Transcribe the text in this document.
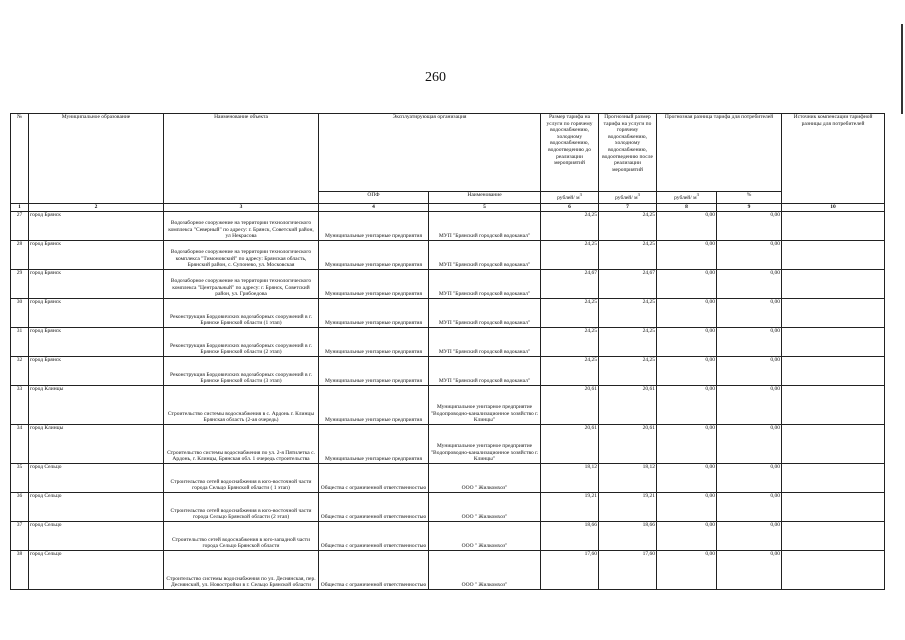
260
№	Муниципальное образование	Наименование объекта	Эксплуатирующая организация		Размер тарифа на услуги по горячему водоснабжению, холодному водоснабжению, водоотведению до реализации мероприятий	Прогнозный размер тарифа на услуги по горячему водоснабжению, холодному водоснабжению, водоотведению после реализации мероприятий	Прогнозная разница тарифа для потребителей		Источник компенсации тарифной разницы для потребителей
			ОПФ	Наименование	рублей/ $м^3$	рублей/ $м^3$	рублей/ $м^3$	%	
1	2	3	4	5	6	7	8	9	10
27	город Брянск	Водозаборное сооружение на территории технологического комплекса "Северный" по адресу: г. Брянск, Советский район, ул Некрасова	Муниципальные унитарные предприятия	МУП "Брянский городской водоканал"	24,25	24,25	0,00	0,00	
28	город Брянск	Водозаборное сооружение на территории технологического комплекса "Тимоновский" по адресу: Брянская область, Брянский район, с. Супонево, ул. Московская	Муниципальные унитарные предприятия	МУП "Брянский городской водоканал"	24,25	24,25	0,00	0,00	
29	город Брянск	Водозаборное сооружение на территории технологического комплекса "Центральный" по адресу: г. Брянск, Советский район, ул. Грибоедова	Муниципальные унитарные предприятия	МУП "Брянский городской водоканал"	24,67	24,67	0,00	0,00	
30	город Брянск	Реконструкция Бордовичских водозаборных сооружений в г. Брянске Брянской области (1 этап)	Муниципальные унитарные предприятия	МУП "Брянский городской водоканал"	24,25	24,25	0,00	0,00	
31	город Брянск	Реконструкция Бордовичских водозаборных сооружений в г. Брянске Брянской области (2 этап)	Муниципальные унитарные предприятия	МУП "Брянский городской водоканал"	24,25	24,25	0,00	0,00	
32	город Брянск	Реконструкция Бордовичских водозаборных сооружений в г. Брянске Брянской области (3 этап)	Муниципальные унитарные предприятия	МУП "Брянский городской водоканал"	24,25	24,25	0,00	0,00	
33	город Клинцы	Строительство системы водоснабжения в с. Ардонь г. Клинцы Брянская область (2-ая очередь)	Муниципальные унитарные предприятия	Муниципальное унитарное предприятие "Водопроводно-канализационное хозяйство г. Клинцы"	20,61	20,61	0,00	0,00	
34	город Клинцы	Строительство системы водоснабжения по ул. 2-я Пятилетка с. Ардонь, г. Клинцы, Брянская обл. 1 очередь строительства	Муниципальные унитарные предприятия	Муниципальное унитарное предприятие "Водопроводно-канализационное хозяйство г. Клинцы"	20,61	20,61	0,00	0,00	
35	город Сельцо	Строительство сетей водоснабжения в юго-восточной части города Сельцо Брянской области ( 1 этап)	Общества с ограниченной ответственностью	ООО " Жилкомхоз"	18,12	18,12	0,00	0,00	
36	город Сельцо	Строительство сетей водоснабжения в юго-восточной части города Сельцо Брянской области (2 этап)	Общества с ограниченной ответственностью	ООО " Жилкомхоз"	19,21	19,21	0,00	0,00	
37	город Сельцо	Строительство сетей водоснабжения в юго-западной части города Сельцо Брянской области	Общества с ограниченной ответственностью	ООО " Жилкомхоз"	18,66	18,66	0,00	0,00	
38	город Сельцо	Строительство системы водоснабжения по ул. Деснянская, пер. Деснянский, ул. Новостройки в г. Сельцо Брянской области	Общества с ограниченной ответственностью	ООО " Жилкомхоз"	17,60	17,60	0,00	0,00	
